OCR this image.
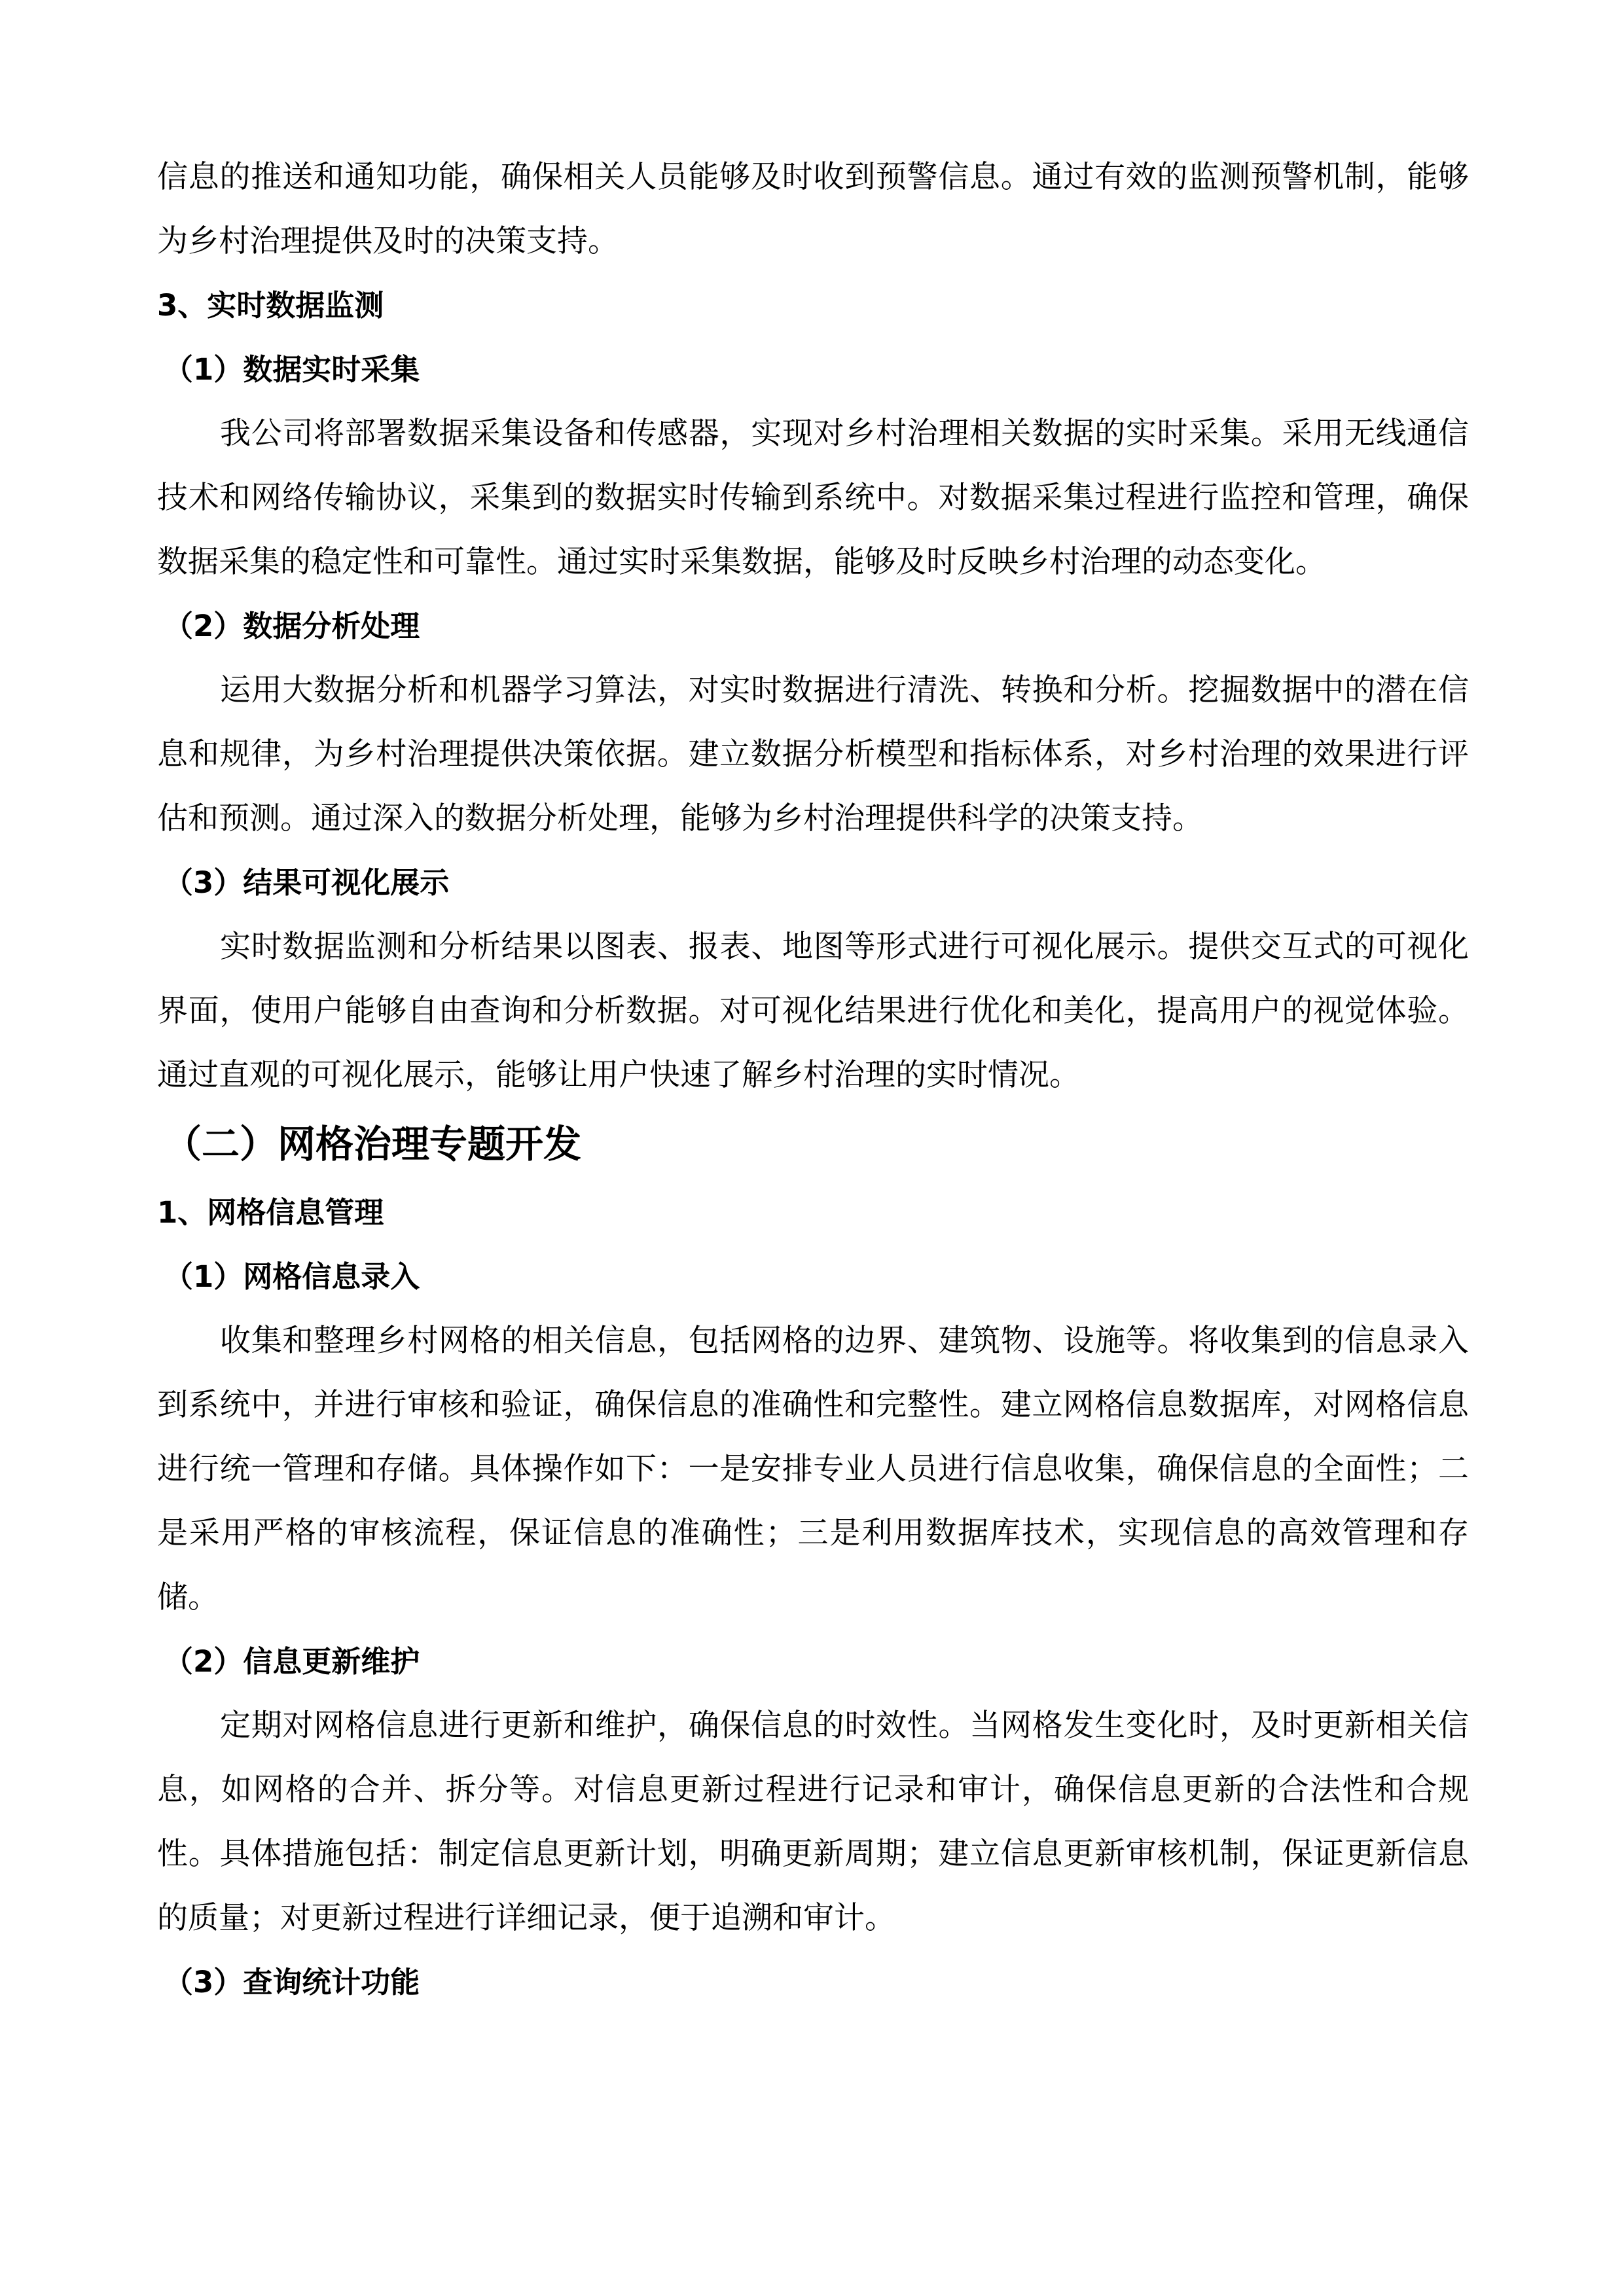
信息的推送和通知功能，确保相关人员能够及时收到预警信息。通过有效的监测预警机制，能够为乡村治理提供及时的决策支持。

3、实时数据监测
（1）数据实时采集

我公司将部署数据采集设备和传感器，实现对乡村治理相关数据的实时采集。采用无线通信技术和网络传输协议，采集到的数据实时传输到系统中。对数据采集过程进行监控和管理，确保数据采集的稳定性和可靠性。通过实时采集数据，能够及时反映乡村治理的动态变化。

（2）数据分析处理

运用大数据分析和机器学习算法，对实时数据进行清洗、转换和分析。挖掘数据中的潜在信息和规律，为乡村治理提供决策依据。建立数据分析模型和指标体系，对乡村治理的效果进行评估和预测。通过深入的数据分析处理，能够为乡村治理提供科学的决策支持。

（3）结果可视化展示

实时数据监测和分析结果以图表、报表、地图等形式进行可视化展示。提供交互式的可视化界面，使用户能够自由查询和分析数据。对可视化结果进行优化和美化，提高用户的视觉体验。通过直观的可视化展示，能够让用户快速了解乡村治理的实时情况。

（二）网格治理专题开发
1、网格信息管理
（1）网格信息录入

收集和整理乡村网格的相关信息，包括网格的边界、建筑物、设施等。将收集到的信息录入到系统中，并进行审核和验证，确保信息的准确性和完整性。建立网格信息数据库，对网格信息进行统一管理和存储。具体操作如下：一是安排专业人员进行信息收集，确保信息的全面性；二是采用严格的审核流程，保证信息的准确性；三是利用数据库技术，实现信息的高效管理和存储。

（2）信息更新维护

定期对网格信息进行更新和维护，确保信息的时效性。当网格发生变化时，及时更新相关信息，如网格的合并、拆分等。对信息更新过程进行记录和审计，确保信息更新的合法性和合规性。具体措施包括：制定信息更新计划，明确更新周期；建立信息更新审核机制，保证更新信息的质量；对更新过程进行详细记录，便于追溯和审计。

（3）查询统计功能
